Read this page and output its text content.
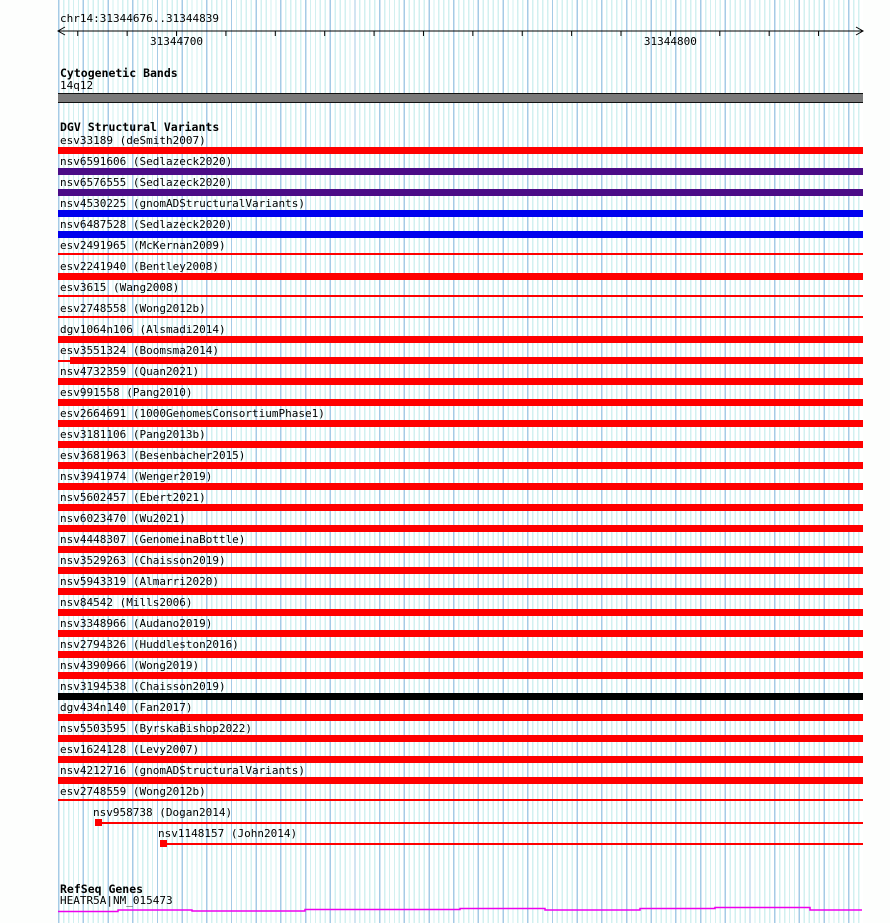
chr14:31344676..31344839
31344700	31344800
Cytogenetic Bands
14q12
DGV Structural Variants
esv33189 (deSmith2007)
nsv6591606 (Sedlazeck2020)
nsv6576555 (Sedlazeck2020)
nsv4530225 (gnomADStructuralVariants)
nsv6487528 (Sedlazeck2020)
esv2491965 (McKernan2009)
esv2241940 (Bentley2008)
esv3615 (Wang2008)
esv2748558 (Wong2012b)
dgv1064n106 (Alsmadi2014)
esv3551324 (Boomsma2014)
nsv4732359 (Quan2021)
esv991558 (Pang2010)
esv2664691 (1000GenomesConsortiumPhase1)
esv3181106 (Pang2013b)
esv3681963 (Besenbacher2015)
nsv3941974 (Wenger2019)
nsv5602457 (Ebert2021)
nsv6023470 (Wu2021)
nsv4448307 (GenomeinaBottle)
nsv3529263 (Chaisson2019)
nsv5943319 (Almarri2020)
nsv84542 (Mills2006)
nsv3348966 (Audano2019)
nsv2794326 (Huddleston2016)
nsv4390966 (Wong2019)
nsv3194538 (Chaisson2019)
dgv434n140 (Fan2017)
nsv5503595 (ByrskaBishop2022)
esv1624128 (Levy2007)
nsv4212716 (gnomADStructuralVariants)
esv2748559 (Wong2012b)
nsv958738 (Dogan2014)
nsv1148157 (John2014)
RefSeq Genes
HEATR5A|NM_015473
